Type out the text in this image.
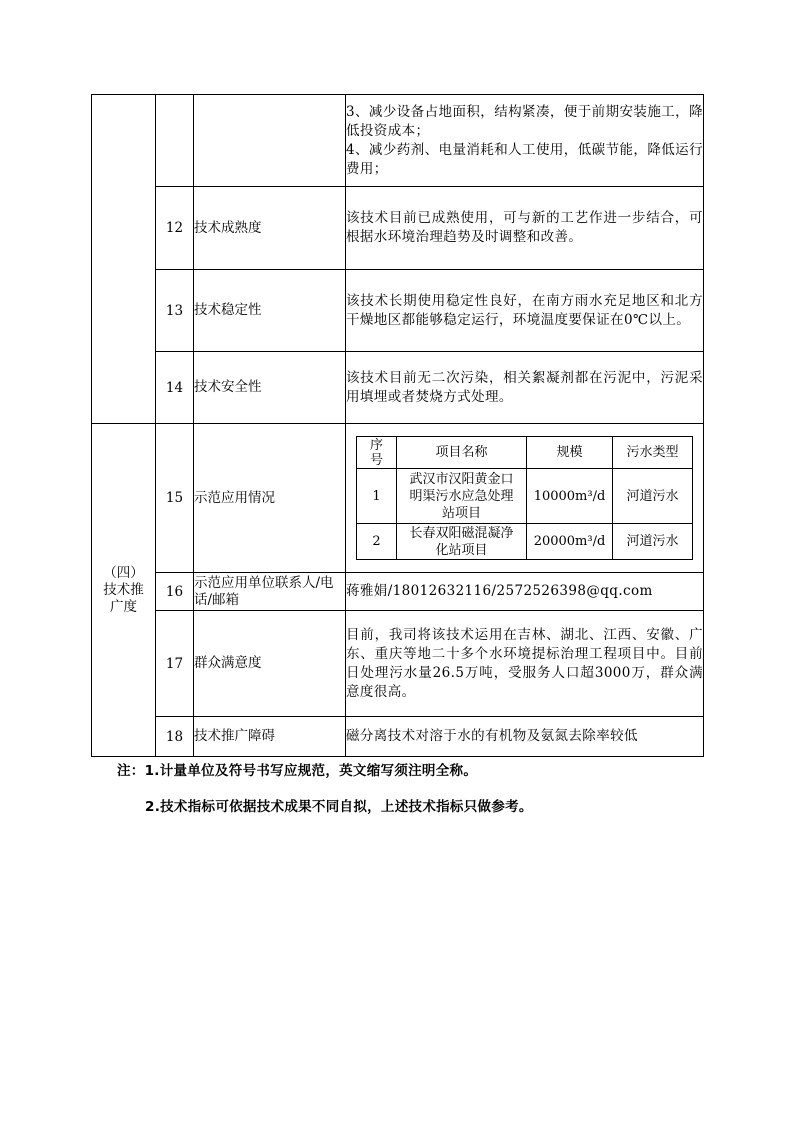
3、减少设备占地面积，结构紧凑，便于前期安装施工，降低投资成本；

4、减少药剂、电量消耗和人工使用，低碳节能，降低运行费用；

12	技术成熟度	该技术目前已成熟使用，可与新的工艺作进一步结合，可根据水环境治理趋势及时调整和改善。
13	技术稳定性	该技术长期使用稳定性良好，在南方雨水充足地区和北方干燥地区都能够稳定运行，环境温度要保证在0℃以上。
14	技术安全性	该技术目前无二次污染，相关絮凝剂都在污泥中，污泥采用填埋或者焚烧方式处理。

（四）技术推广度
	15	示范应用情况	
序号	项目名称	规模	污水类型
1	武汉市汉阳黄金口明渠污水应急处理站项目	10000m³/d	河道污水
2	长春双阳磁混凝净化站项目	20000m³/d	河道污水

16	示范应用单位联系人/电话/邮箱	蒋雅娟/18012632116/2572526398@qq.com
17	群众满意度	目前，我司将该技术运用在吉林、湖北、江西、安徽、广东、重庆等地二十多个水环境提标治理工程项目中。目前日处理污水量26.5万吨，受服务人口超3000万，群众满意度很高。
18	技术推广障碍	磁分离技术对溶于水的有机物及氨氮去除率较低
注：1.计量单位及符号书写应规范，英文缩写须注明全称。
2.技术指标可依据技术成果不同自拟，上述技术指标只做参考。
